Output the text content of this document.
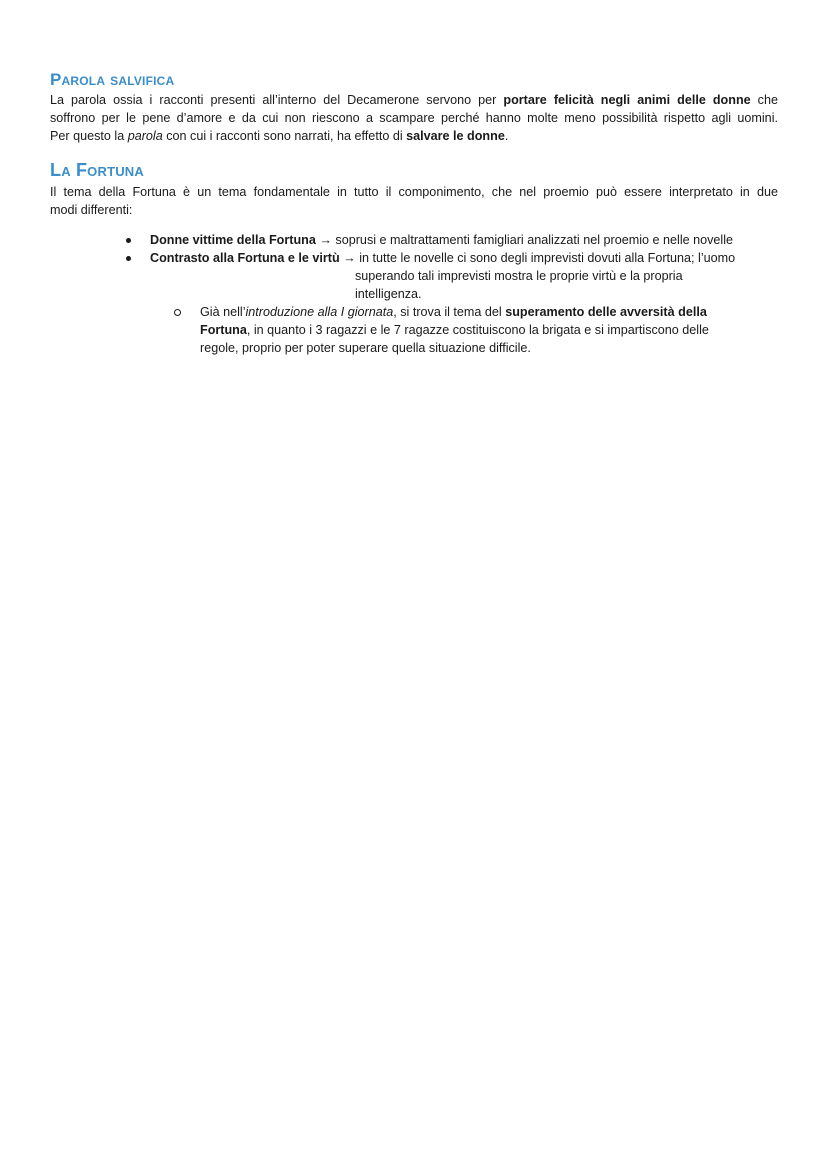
Parola salvifica

La parola ossia i racconti presenti all’interno del Decamerone servono per portare felicità negli animi delle donne che
soffrono per le pene d’amore e da cui non riescono a scampare perché hanno molte meno possibilità rispetto agli uomini.
Per questo la parola con cui i racconti sono narrati, ha effetto di salvare le donne.

La Fortuna

Il tema della Fortuna è un tema fondamentale in tutto il componimento, che nel proemio può essere interpretato in due
modi differenti:

Donne vittime della Fortuna → soprusi e maltrattamenti famigliari analizzati nel proemio e nelle novelle
Contrasto alla Fortuna e le virtù → in tutte le novelle ci sono degli imprevisti dovuti alla Fortuna; l’uomo
superando tali imprevisti mostra le proprie virtù e la propria
intelligenza.
Già nell’introduzione alla I giornata, si trova il tema del superamento delle avversità della
Fortuna, in quanto i 3 ragazzi e le 7 ragazze costituiscono la brigata e si impartiscono delle
regole, proprio per poter superare quella situazione difficile.
